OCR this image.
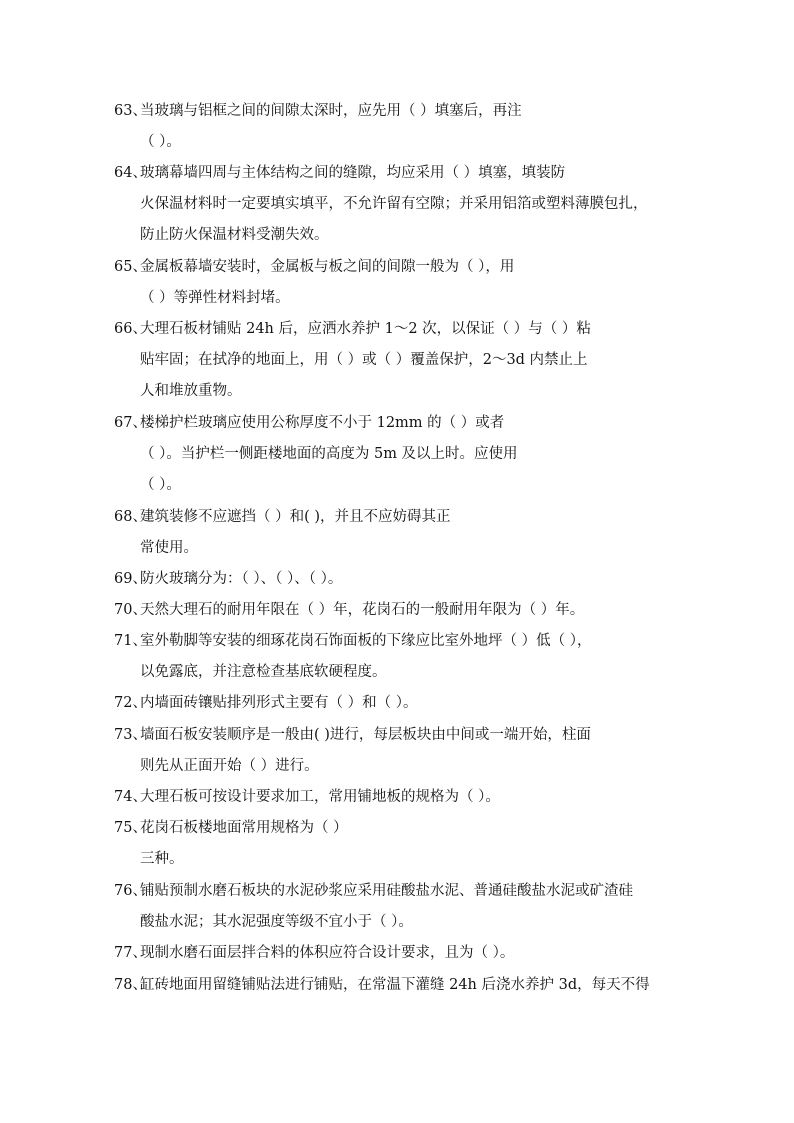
63、
当玻璃与铝框之间的间隙太深时，应先用（ ）填塞后，再注
（ ）。
64、
玻璃幕墙四周与主体结构之间的缝隙，均应采用（ ）填塞，填装防
火保温材料时一定要填实填平，不允许留有空隙；并采用铝箔或塑料薄膜包扎，
防止防火保温材料受潮失效。
65、
金属板幕墙安装时，金属板与板之间的间隙一般为（ ），用
（ ）等弹性材料封堵。
66、
大理石板材铺贴 24h 后，应洒水养护 1～2 次，以保证（ ）与（ ）粘
贴牢固；在拭净的地面上，用（ ）或（ ）覆盖保护，2～3d 内禁止上
人和堆放重物。
67、
楼梯护栏玻璃应使用公称厚度不小于 12mm 的（ ）或者
（ ）。当护栏一侧距楼地面的高度为 5m 及以上时。应使用
（ ）。
68、
建筑装修不应遮挡（ ）和( )，并且不应妨碍其正
常使用。
69、
防火玻璃分为：（ ）、（ ）、（ ）。
70、
天然大理石的耐用年限在（ ）年，花岗石的一般耐用年限为（ ）年。
71、
室外勒脚等安装的细琢花岗石饰面板的下缘应比室外地坪（ ）低（ ），
以免露底，并注意检查基底软硬程度。
72、
内墙面砖镶贴排列形式主要有（ ）和（ ）。
73、
墙面石板安装顺序是一般由( )进行，每层板块由中间或一端开始，柱面
则先从正面开始（ ）进行。
74、
大理石板可按设计要求加工，常用铺地板的规格为（ ）。
75、
花岗石板楼地面常用规格为（ ）
三种。
76、
铺贴预制水磨石板块的水泥砂浆应采用硅酸盐水泥、普通硅酸盐水泥或矿渣硅
酸盐水泥；其水泥强度等级不宜小于（ ）。
77、
现制水磨石面层拌合料的体积应符合设计要求，且为（ ）。
78、
缸砖地面用留缝铺贴法进行铺贴，在常温下灌缝 24h 后浇水养护 3d，每天不得
